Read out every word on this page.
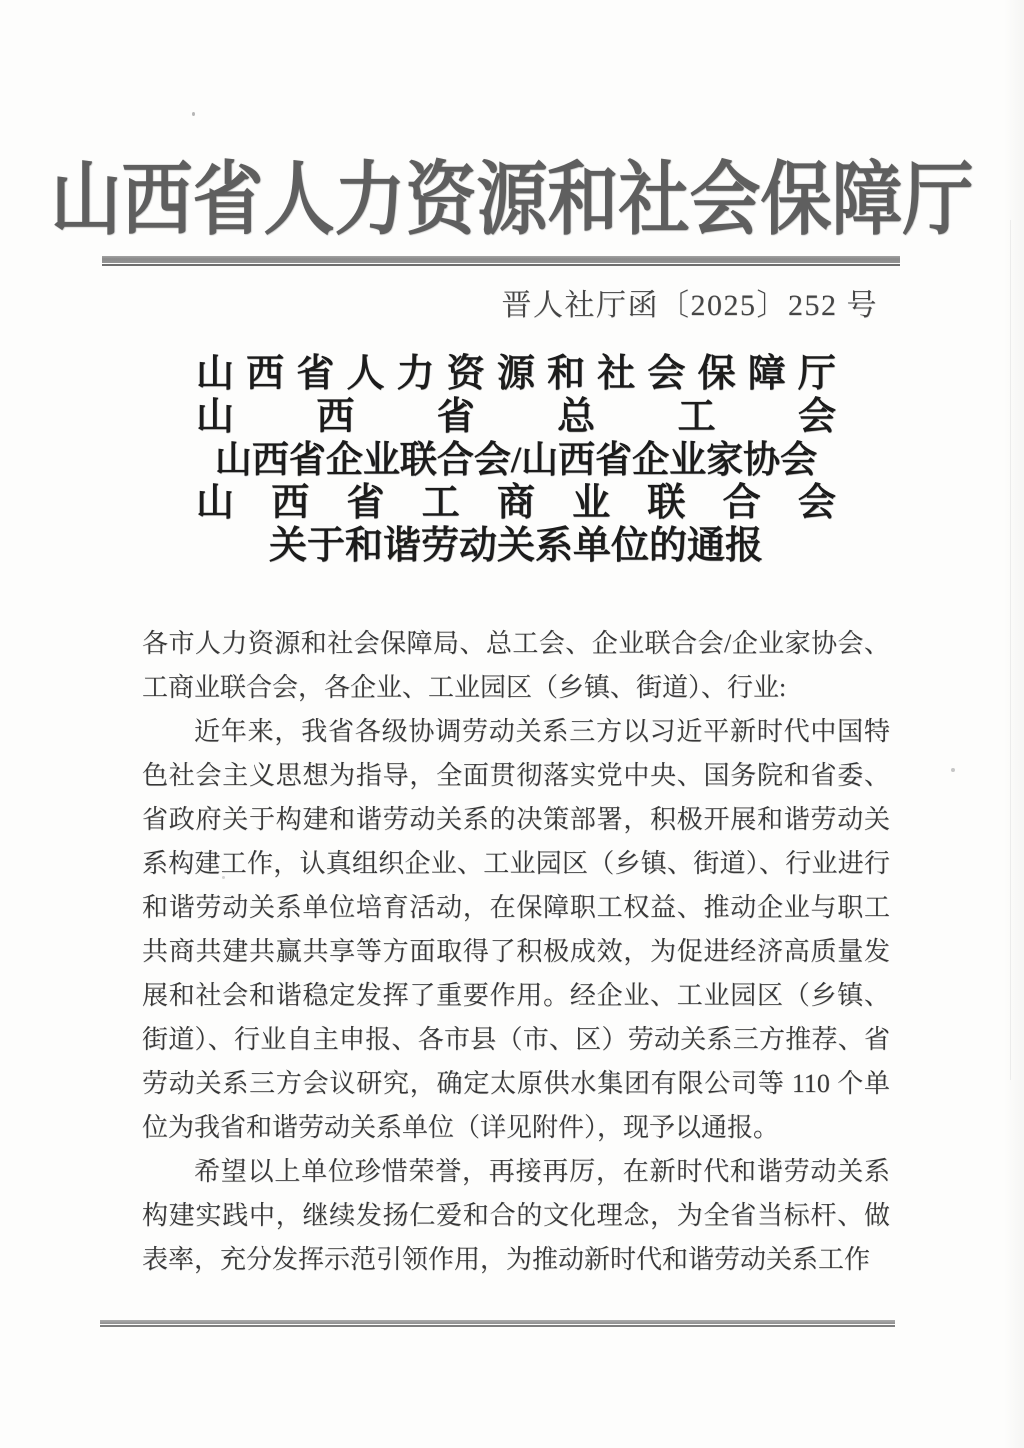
山西省人力资源和社会保障厅
晋人社厅函〔2025〕252 号
山 西 省 人 力 资 源 和 社 会 保 障 厅
山 西 省 总 工 会
山西省企业联合会/山西省企业家协会
山 西 省 工 商 业 联 合 会
关于和谐劳动关系单位的通报

各市人力资源和社会保障局、总工会、企业联合会/企业家协会、工商业联合会，各企业、工业园区（乡镇、街道）、行业:

近年来，我省各级协调劳动关系三方以习近平新时代中国特色社会主义思想为指导，全面贯彻落实党中央、国务院和省委、省政府关于构建和谐劳动关系的决策部署，积极开展和谐劳动关系构建工作，认真组织企业、工业园区（乡镇、街道）、行业进行和谐劳动关系单位培育活动，在保障职工权益、推动企业与职工共商共建共赢共享等方面取得了积极成效，为促进经济高质量发展和社会和谐稳定发挥了重要作用。经企业、工业园区（乡镇、街道）、行业自主申报、各市县（市、区）劳动关系三方推荐、省劳动关系三方会议研究，确定太原供水集团有限公司等 110 个单位为我省和谐劳动关系单位（详见附件），现予以通报。

希望以上单位珍惜荣誉，再接再厉，在新时代和谐劳动关系构建实践中，继续发扬仁爱和合的文化理念，为全省当标杆、做表率，充分发挥示范引领作用，为推动新时代和谐劳动关系工作
